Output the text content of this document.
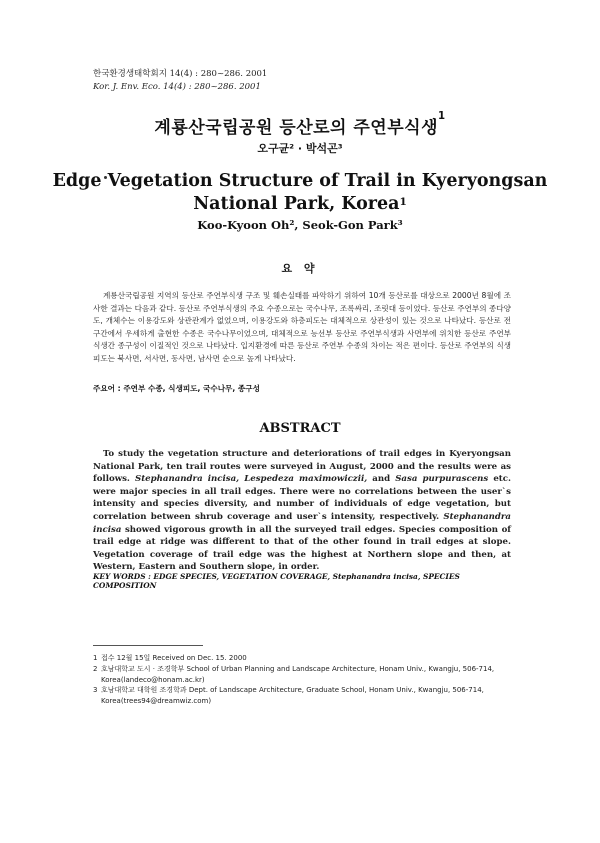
한국환경생태학회지 14(4) : 280~286. 2001
Kor. J. Env. Eco. 14(4) : 280~286. 2001
계룡산국립공원 등산로의 주연부식생$^1$
오구균² · 박석곤³
Edge Vegetation Structure of Trail in Kyeryongsan
National Park, Korea$^1$
Koo-Kyoon Oh², Seok-Gon Park³
요 약

계룡산국립공원 지역의 등산로 주연부식생 구조 및 훼손실태를 파악하기 위하여 10개 등산로를 대상으로 2000년 8월에 조사한 결과는 다음과 같다. 등산로 주연부식생의 주요 수종으로는 국수나무, 조록싸리, 조릿대 등이었다. 등산로 주연부의 종다양도, 개체수는 이용강도와 상관관계가 없었으며, 이용강도와 하층피도는 대체적으로 상관성이 있는 것으로 나타났다. 등산로 전 구간에서 우세하게 출현한 수종은 국수나무이었으며, 대체적으로 능선부 등산로 주연부식생과 사면부에 위치한 등산로 주연부식생간 종구성이 이질적인 것으로 나타났다. 입지환경에 따른 등산로 주연부 수종의 차이는 적은 편이다. 등산로 주연부의 식생피도는 북사면, 서사면, 동사면, 남사면 순으로 높게 나타났다.

주요어 : 주연부 수종, 식생피도, 국수나무, 종구성
ABSTRACT

To study the vegetation structure and deteriorations of trail edges in Kyeryongsan National Park, ten trail routes were surveyed in August, 2000 and the results were as follows. Stephanandra incisa, Lespedeza maximowiczii, and Sasa purpurascens etc. were major species in all trail edges. There were no correlations between the user`s intensity and species diversity, and number of individuals of edge vegetation, but correlation between shrub coverage and user`s intensity, respectively. Stephanandra incisa showed vigorous growth in all the surveyed trail edges. Species composition of trail edge at ridge was different to that of the other found in trail edges at slope. Vegetation coverage of trail edge was the highest at Northern slope and then, at Western, Eastern and Southern slope, in order.

KEY WORDS : EDGE SPECIES, VEGETATION COVERAGE, Stephanandra incisa, SPECIES COMPOSITION
1 접수 12월 15일 Received on Dec. 15. 2000
2 호남대학교 도시 · 조경학부 School of Urban Planning and Landscape Architecture, Honam Univ., Kwangju, 506-714, Korea(landeco@honam.ac.kr)
3 호남대학교 대학원 조경학과 Dept. of Landscape Architecture, Graduate School, Honam Univ., Kwangju, 506-714, Korea(trees94@dreamwiz.com)
